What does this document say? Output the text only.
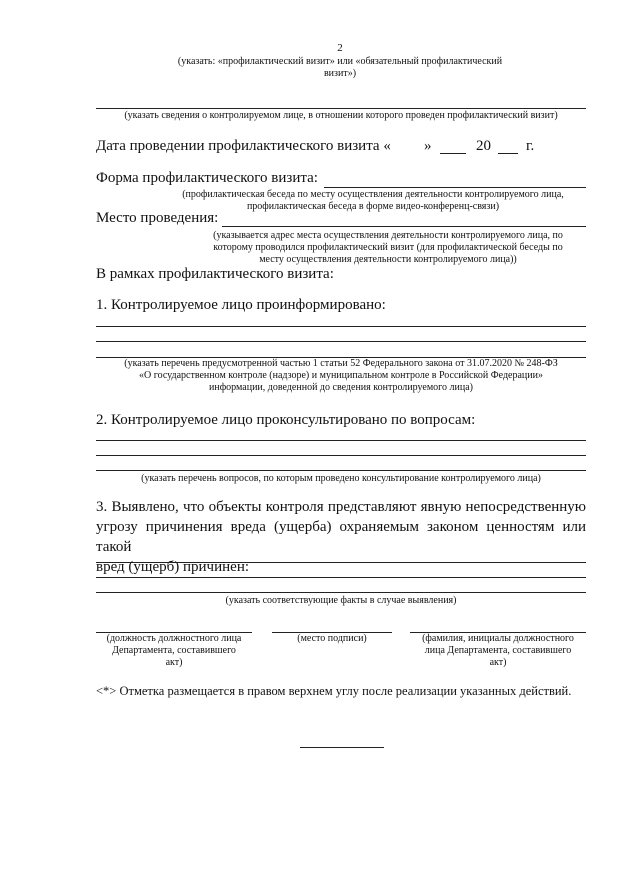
2
(указать: «профилактический визит» или «обязательный профилактический
визит»)
(указать сведения о контролируемом лице, в отношении которого проведен профилактический визит)
Дата проведении профилактического визита « »	20 г.
Форма профилактического визита:
(профилактическая беседа по месту осуществления деятельности контролируемого лица,
профилактическая беседа в форме видео-конференц-связи)
Место проведения:
(указывается адрес места осуществления деятельности контролируемого лица, по
которому проводился профилактический визит (для профилактической беседы по
месту осуществления деятельности контролируемого лица))
В рамках профилактического визита:
1. Контролируемое лицо проинформировано:
(указать перечень предусмотренной частью 1 статьи 52 Федерального закона от 31.07.2020 № 248-ФЗ
«О государственном контроле (надзоре) и муниципальном контроле в Российской Федерации»
информации, доведенной до сведения контролируемого лица)
2. Контролируемое лицо проконсультировано по вопросам:
(указать перечень вопросов, по которым проведено консультирование контролируемого лица)
3. Выявлено, что объекты контроля представляют явную непосредственную
угрозу причинения вреда (ущерба) охраняемым законом ценностям или такой
вред (ущерб) причинен:
(указать соответствующие факты в случае выявления)
(должность должностного лица
Департамента, составившего
акт)
(место подписи)	(фамилия, инициалы должностного
лица Департамента, составившего
акт)
<*> Отметка размещается в правом верхнем углу после реализации указанных действий.
